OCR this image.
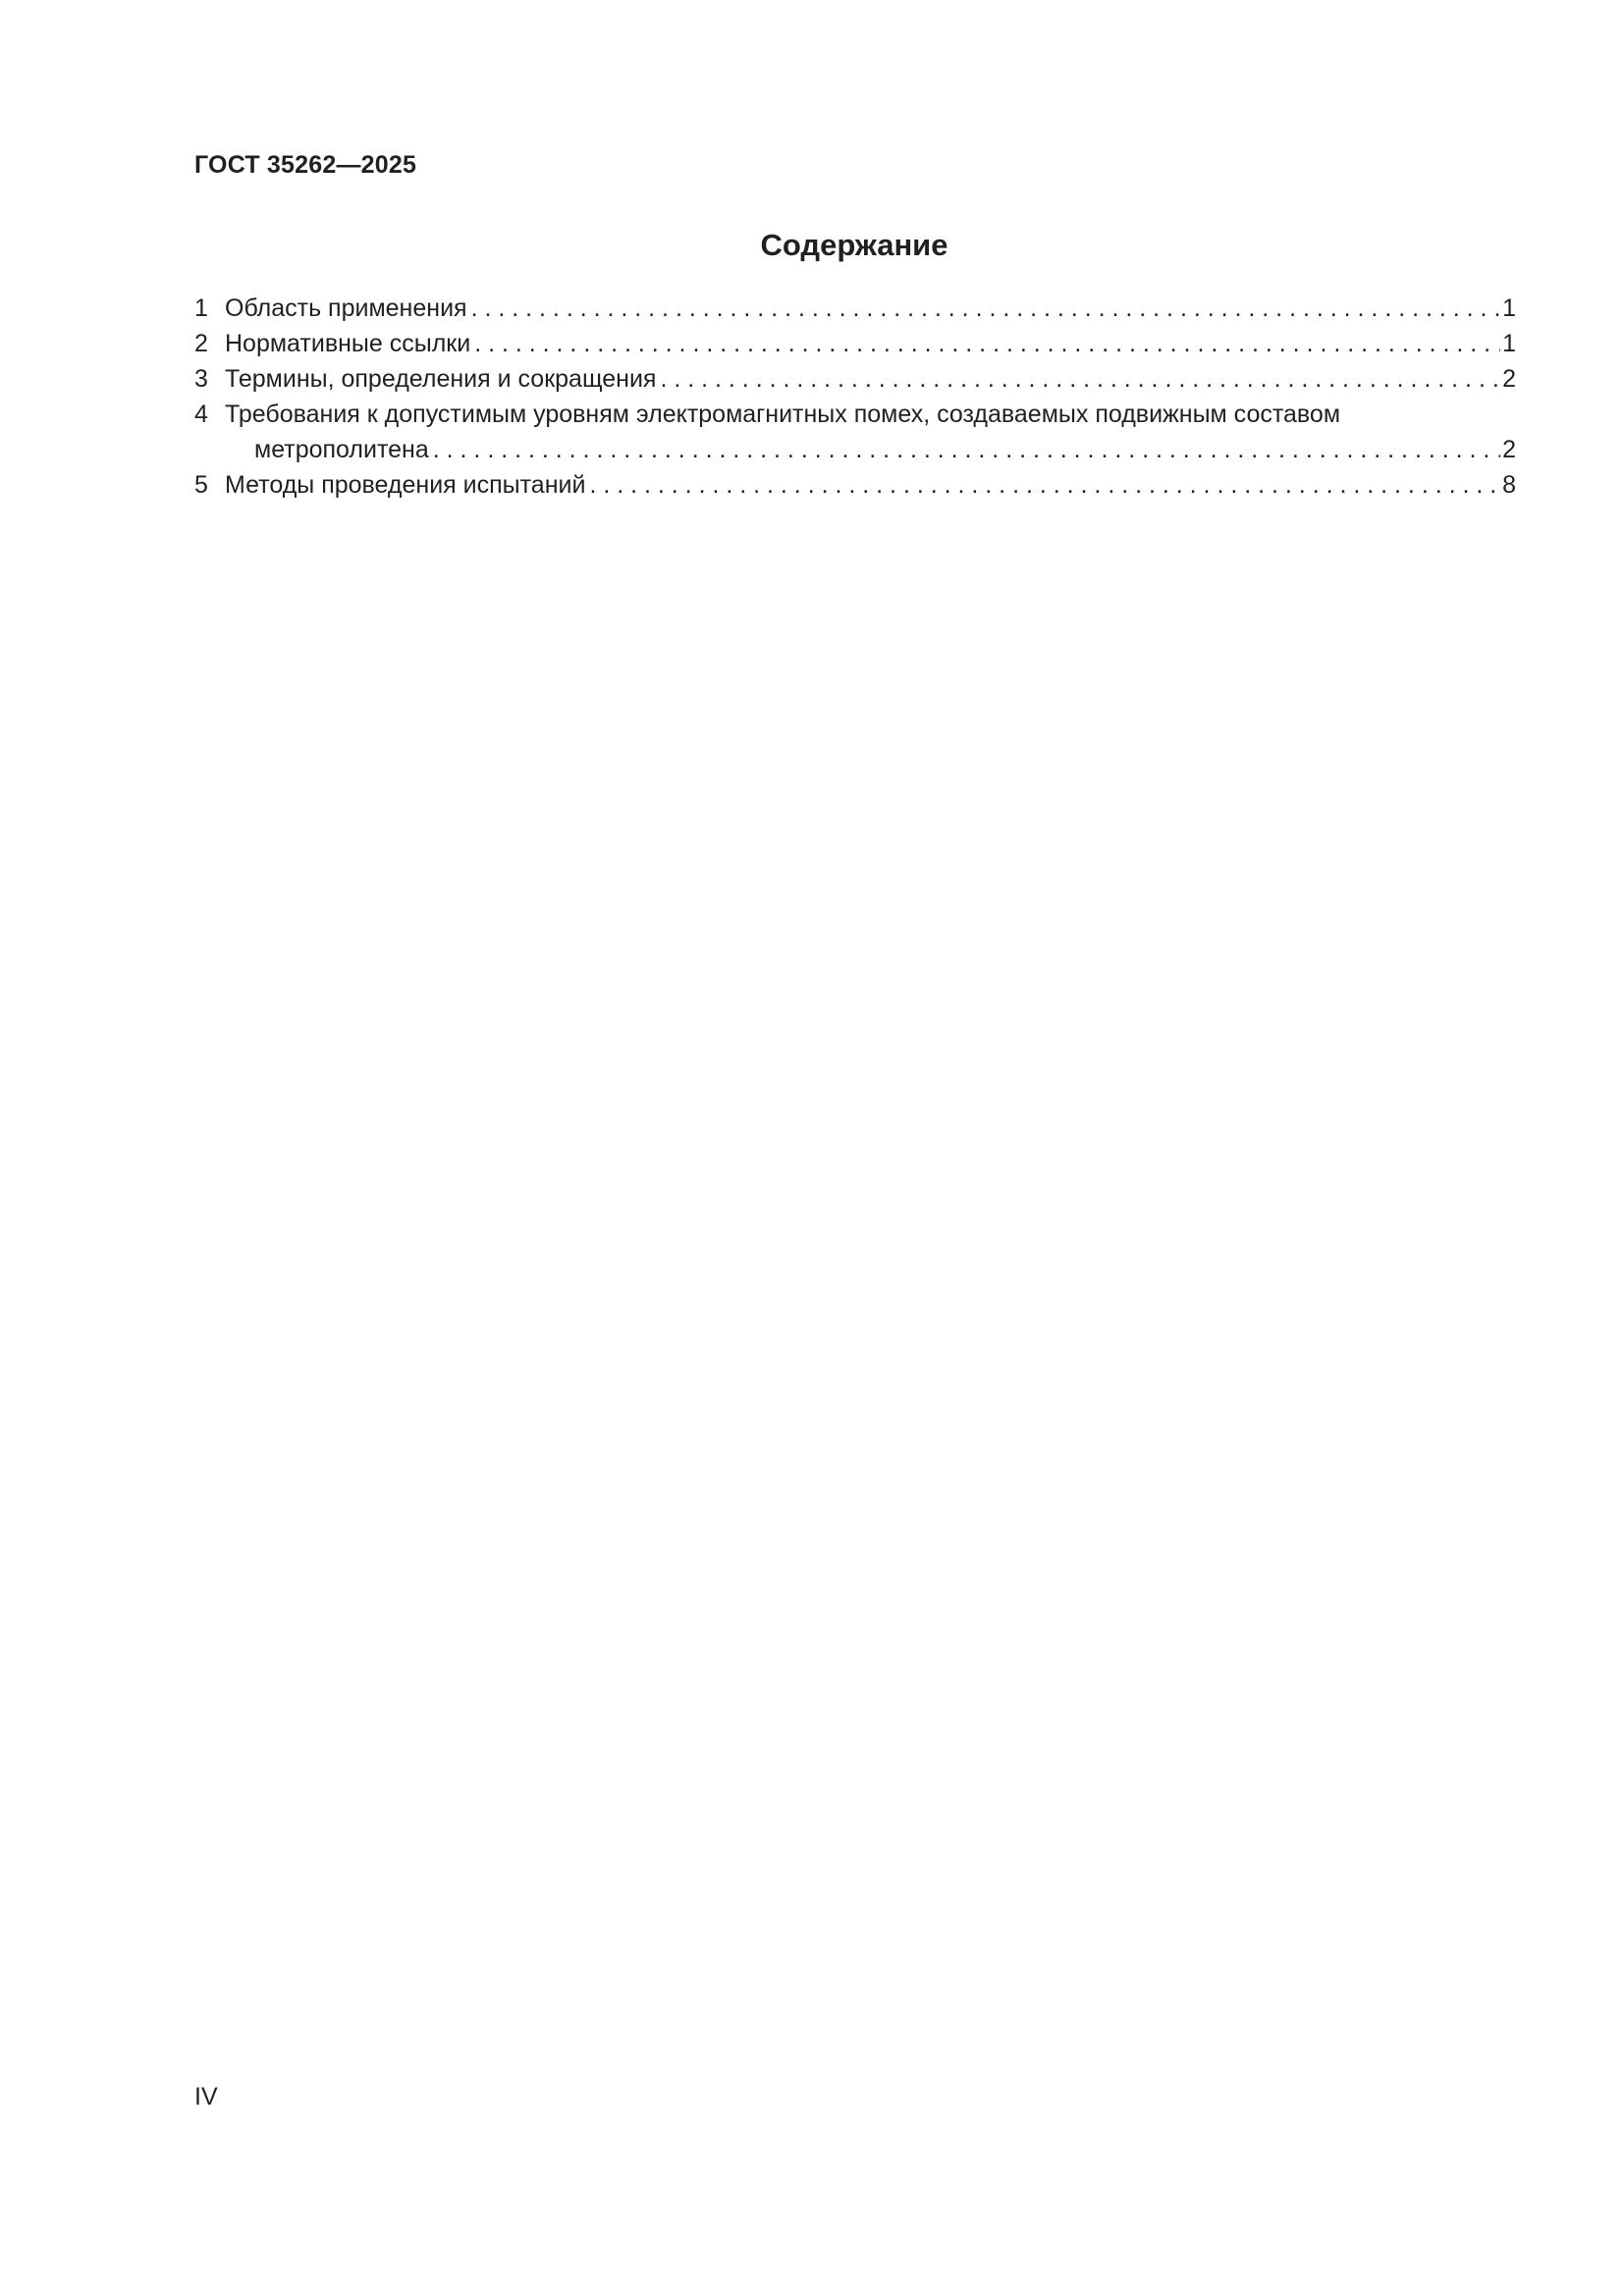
ГОСТ 35262—2025
Содержание
1 Область применения . . .	1
2 Нормативные ссылки . . .	1
3 Термины, определения и сокращения . . .	2
4 Требования к допустимым уровням электромагнитных помех, создаваемых подвижным составом
метрополитена . . .	2
5 Методы проведения испытаний . . .	8
IV
